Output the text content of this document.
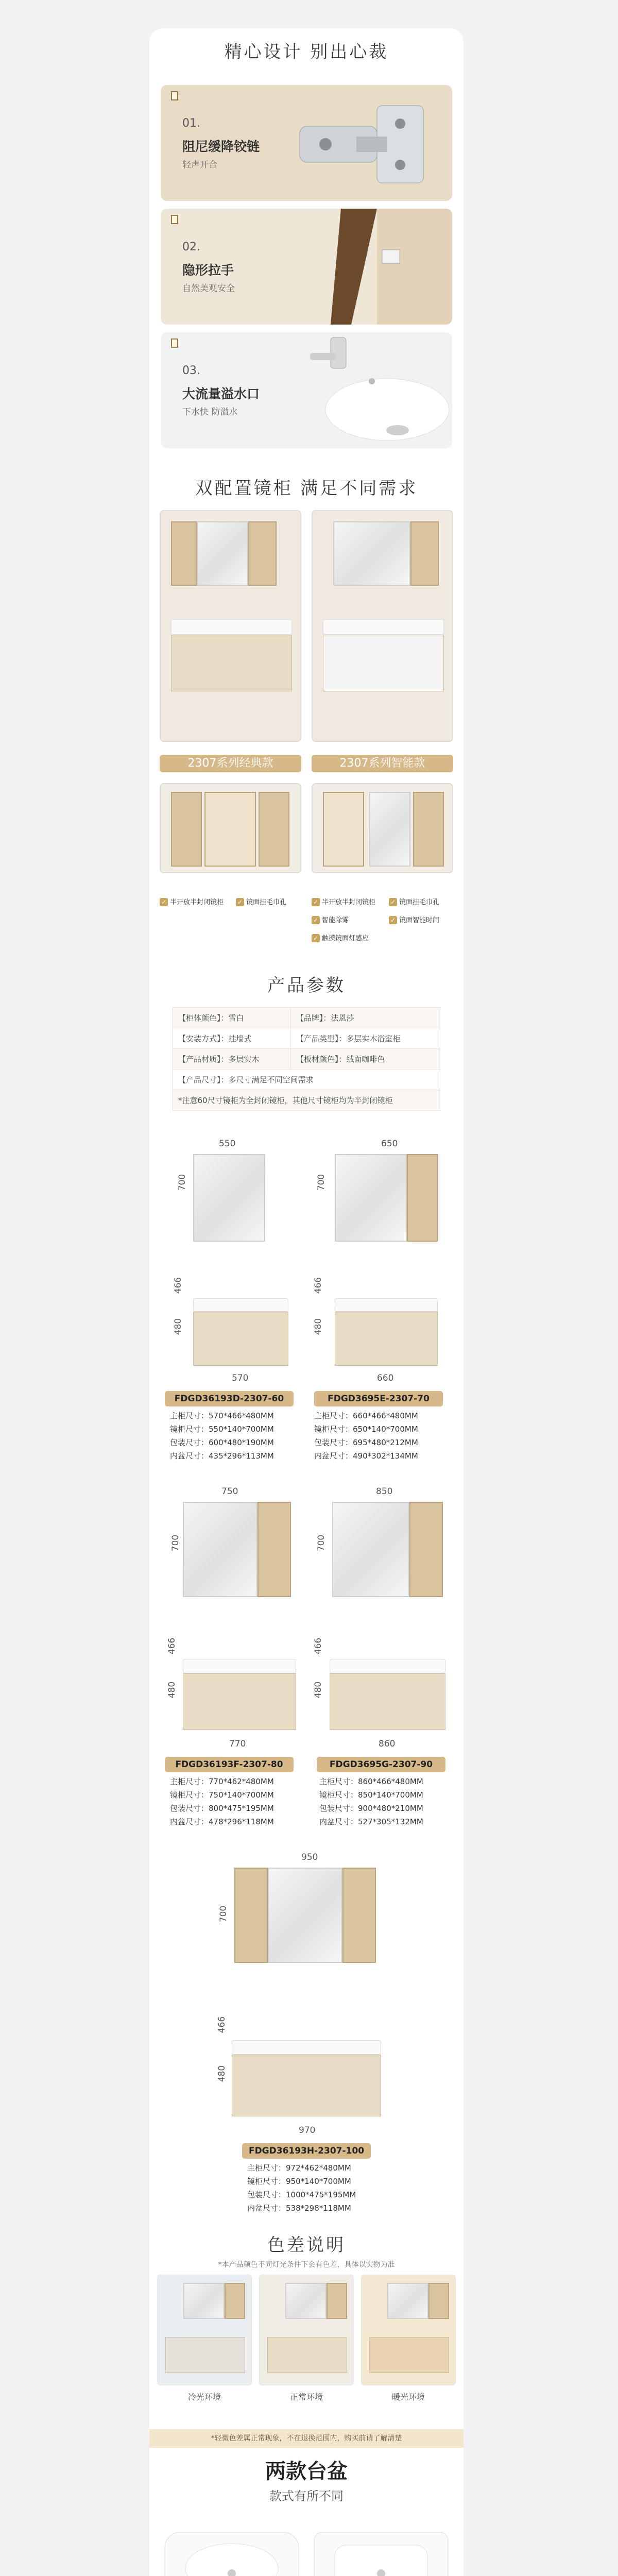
精心设计 别出心裁
01.
阻尼缓降铰链
轻声开合
02.
隐形拉手
自然美观安全
03.
大流量溢水口
下水快 防溢水
双配置镜柜 满足不同需求
2307系列经典款	2307系列智能款
✓ 半开放半封闭镜柜 ✓ 镜面挂毛巾孔	✓ 半开放半封闭镜柜 ✓ 镜面挂毛巾孔
✓ 智能除雾	✓ 镜面智能时间
✓ 触摸镜面灯感应
产品参数
【柜体颜色】：雪白	【品牌】：法恩莎
【安装方式】：挂墙式	【产品类型】：多层实木浴室柜
【产品材质】：多层实木	【板材颜色】：绒面咖啡色
【产品尺寸】：多尺寸满足不同空间需求	
*注意60尺寸镜柜为全封闭镜柜，其他尺寸镜柜均为半封闭镜柜	
550
700
466
480
570
FDGD36193D-2307-60
主柜尺寸：570*466*480MM
镜柜尺寸：550*140*700MM
包装尺寸：600*480*190MM
内盆尺寸：435*296*113MM
650
700
466
480
660
FDGD3695E-2307-70
主柜尺寸：660*466*480MM
镜柜尺寸：650*140*700MM
包装尺寸：695*480*212MM
内盆尺寸：490*302*134MM
750
700
466
480
770
FDGD36193F-2307-80
主柜尺寸：770*462*480MM
镜柜尺寸：750*140*700MM
包装尺寸：800*475*195MM
内盆尺寸：478*296*118MM
850
700
466
480
860
FDGD3695G-2307-90
主柜尺寸：860*466*480MM
镜柜尺寸：850*140*700MM
包装尺寸：900*480*210MM
内盆尺寸：527*305*132MM
950
700
466
480
970
FDGD36193H-2307-100
主柜尺寸：972*462*480MM
镜柜尺寸：950*140*700MM
包装尺寸：1000*475*195MM
内盆尺寸：538*298*118MM
色差说明
*本产品颜色不同灯光条件下会有色差，具体以实物为准
冷光环境	正常环境	暖光环境
*轻微色差属正常现象，不在退换范围内，购买前请了解清楚
两款台盆
款式有所不同
